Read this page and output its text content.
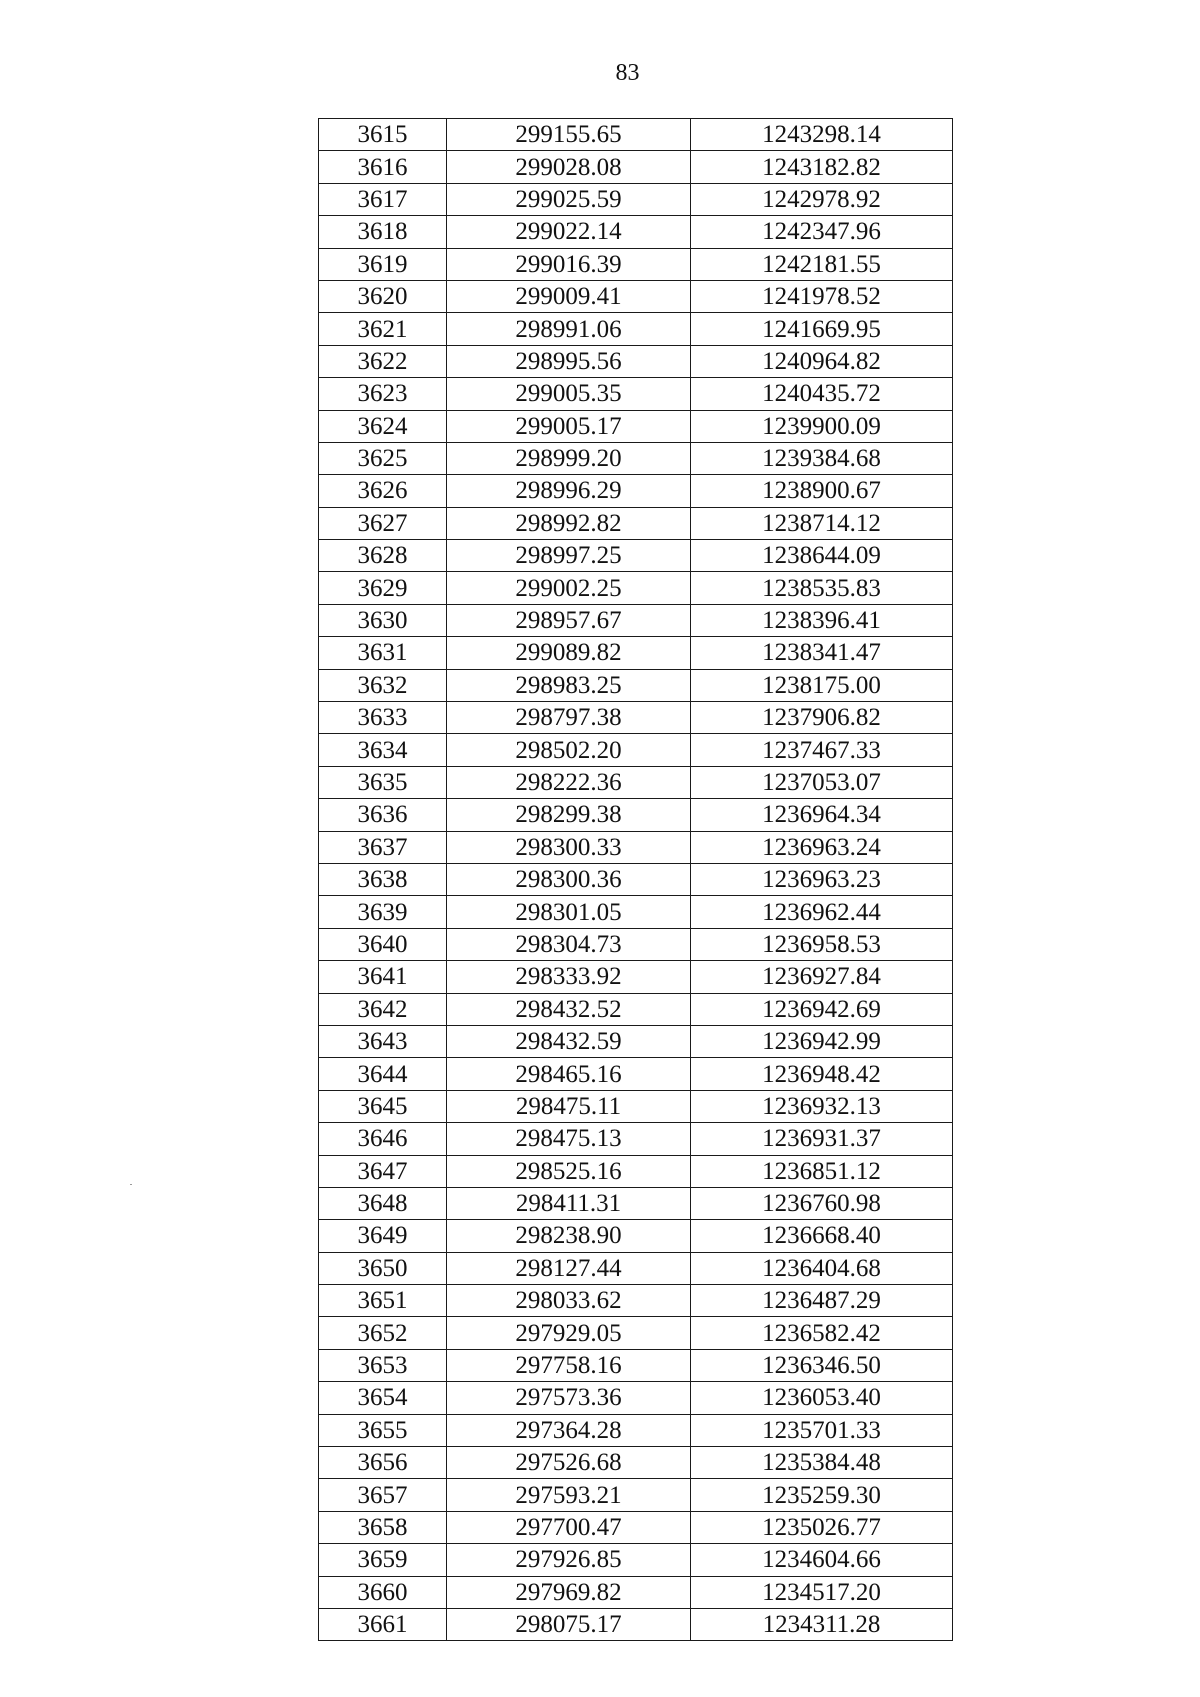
83
3615	299155.65	1243298.14
3616	299028.08	1243182.82
3617	299025.59	1242978.92
3618	299022.14	1242347.96
3619	299016.39	1242181.55
3620	299009.41	1241978.52
3621	298991.06	1241669.95
3622	298995.56	1240964.82
3623	299005.35	1240435.72
3624	299005.17	1239900.09
3625	298999.20	1239384.68
3626	298996.29	1238900.67
3627	298992.82	1238714.12
3628	298997.25	1238644.09
3629	299002.25	1238535.83
3630	298957.67	1238396.41
3631	299089.82	1238341.47
3632	298983.25	1238175.00
3633	298797.38	1237906.82
3634	298502.20	1237467.33
3635	298222.36	1237053.07
3636	298299.38	1236964.34
3637	298300.33	1236963.24
3638	298300.36	1236963.23
3639	298301.05	1236962.44
3640	298304.73	1236958.53
3641	298333.92	1236927.84
3642	298432.52	1236942.69
3643	298432.59	1236942.99
3644	298465.16	1236948.42
3645	298475.11	1236932.13
3646	298475.13	1236931.37
3647	298525.16	1236851.12
3648	298411.31	1236760.98
3649	298238.90	1236668.40
3650	298127.44	1236404.68
3651	298033.62	1236487.29
3652	297929.05	1236582.42
3653	297758.16	1236346.50
3654	297573.36	1236053.40
3655	297364.28	1235701.33
3656	297526.68	1235384.48
3657	297593.21	1235259.30
3658	297700.47	1235026.77
3659	297926.85	1234604.66
3660	297969.82	1234517.20
3661	298075.17	1234311.28
